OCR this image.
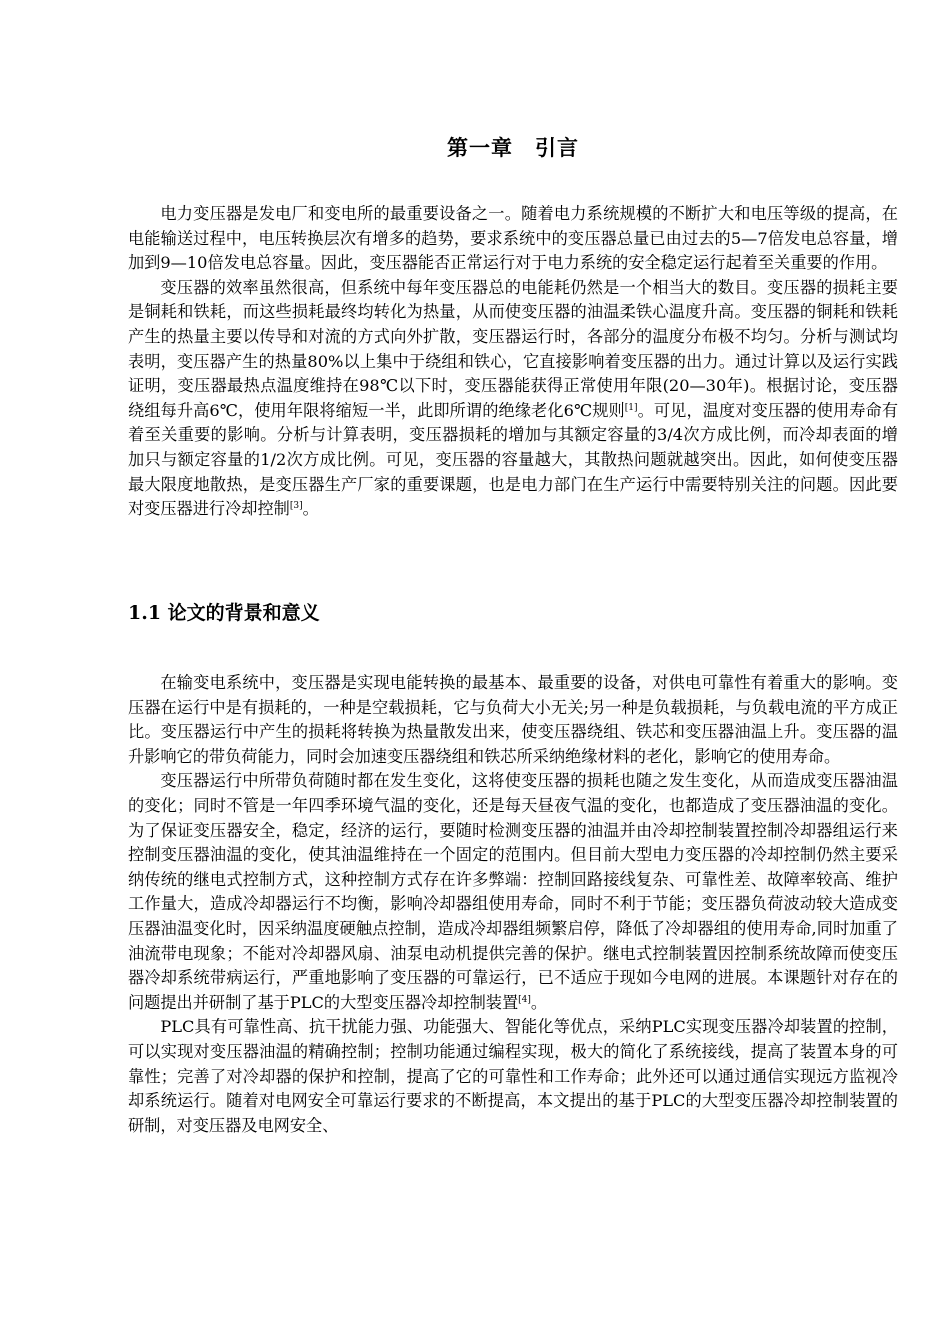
第一章　引言

电力变压器是发电厂和变电所的最重要设备之一。随着电力系统规模的不断扩大和电压等级的提高，在电能输送过程中，电压转换层次有增多的趋势，要求系统中的变压器总量已由过去的5—7倍发电总容量，增加到9—10倍发电总容量。因此，变压器能否正常运行对于电力系统的安全稳定运行起着至关重要的作用。

变压器的效率虽然很高，但系统中每年变压器总的电能耗仍然是一个相当大的数目。变压器的损耗主要是铜耗和铁耗，而这些损耗最终均转化为热量，从而使变压器的油温柔铁心温度升高。变压器的铜耗和铁耗产生的热量主要以传导和对流的方式向外扩散，变压器运行时，各部分的温度分布极不均匀。分析与测试均表明，变压器产生的热量80%以上集中于绕组和铁心，它直接影响着变压器的出力。通过计算以及运行实践证明，变压器最热点温度维持在98℃以下时，变压器能获得正常使用年限(20—30年)。根据讨论，变压器绕组每升高6℃，使用年限将缩短一半，此即所谓的绝缘老化6℃规则[1]。可见，温度对变压器的使用寿命有着至关重要的影响。分析与计算表明，变压器损耗的增加与其额定容量的3/4次方成比例，而冷却表面的增加只与额定容量的1/2次方成比例。可见，变压器的容量越大，其散热问题就越突出。因此，如何使变压器最大限度地散热，是变压器生产厂家的重要课题，也是电力部门在生产运行中需要特别关注的问题。因此要对变压器进行冷却控制[3]。

1.1 论文的背景和意义

在输变电系统中，变压器是实现电能转换的最基本、最重要的设备，对供电可靠性有着重大的影响。变压器在运行中是有损耗的，一种是空载损耗，它与负荷大小无关;另一种是负载损耗，与负载电流的平方成正比。变压器运行中产生的损耗将转换为热量散发出来，使变压器绕组、铁芯和变压器油温上升。变压器的温升影响它的带负荷能力，同时会加速变压器绕组和铁芯所采纳绝缘材料的老化，影响它的使用寿命。

变压器运行中所带负荷随时都在发生变化，这将使变压器的损耗也随之发生变化，从而造成变压器油温的变化；同时不管是一年四季环境气温的变化，还是每天昼夜气温的变化，也都造成了变压器油温的变化。为了保证变压器安全，稳定，经济的运行，要随时检测变压器的油温并由冷却控制装置控制冷却器组运行来控制变压器油温的变化，使其油温维持在一个固定的范围内。但目前大型电力变压器的冷却控制仍然主要采纳传统的继电式控制方式，这种控制方式存在许多弊端：控制回路接线复杂、可靠性差、故障率较高、维护工作量大，造成冷却器运行不均衡，影响冷却器组使用寿命，同时不利于节能；变压器负荷波动较大造成变压器油温变化时，因采纳温度硬触点控制，造成冷却器组频繁启停，降低了冷却器组的使用寿命,同时加重了油流带电现象；不能对冷却器风扇、油泵电动机提供完善的保护。继电式控制装置因控制系统故障而使变压器冷却系统带病运行，严重地影响了变压器的可靠运行，已不适应于现如今电网的进展。本课题针对存在的问题提出并研制了基于PLC的大型变压器冷却控制装置[4]。

PLC具有可靠性高、抗干扰能力强、功能强大、智能化等优点，采纳PLC实现变压器冷却装置的控制，可以实现对变压器油温的精确控制；控制功能通过编程实现，极大的简化了系统接线，提高了装置本身的可靠性；完善了对冷却器的保护和控制，提高了它的可靠性和工作寿命；此外还可以通过通信实现远方监视冷却系统运行。随着对电网安全可靠运行要求的不断提高，本文提出的基于PLC的大型变压器冷却控制装置的研制，对变压器及电网安全、
